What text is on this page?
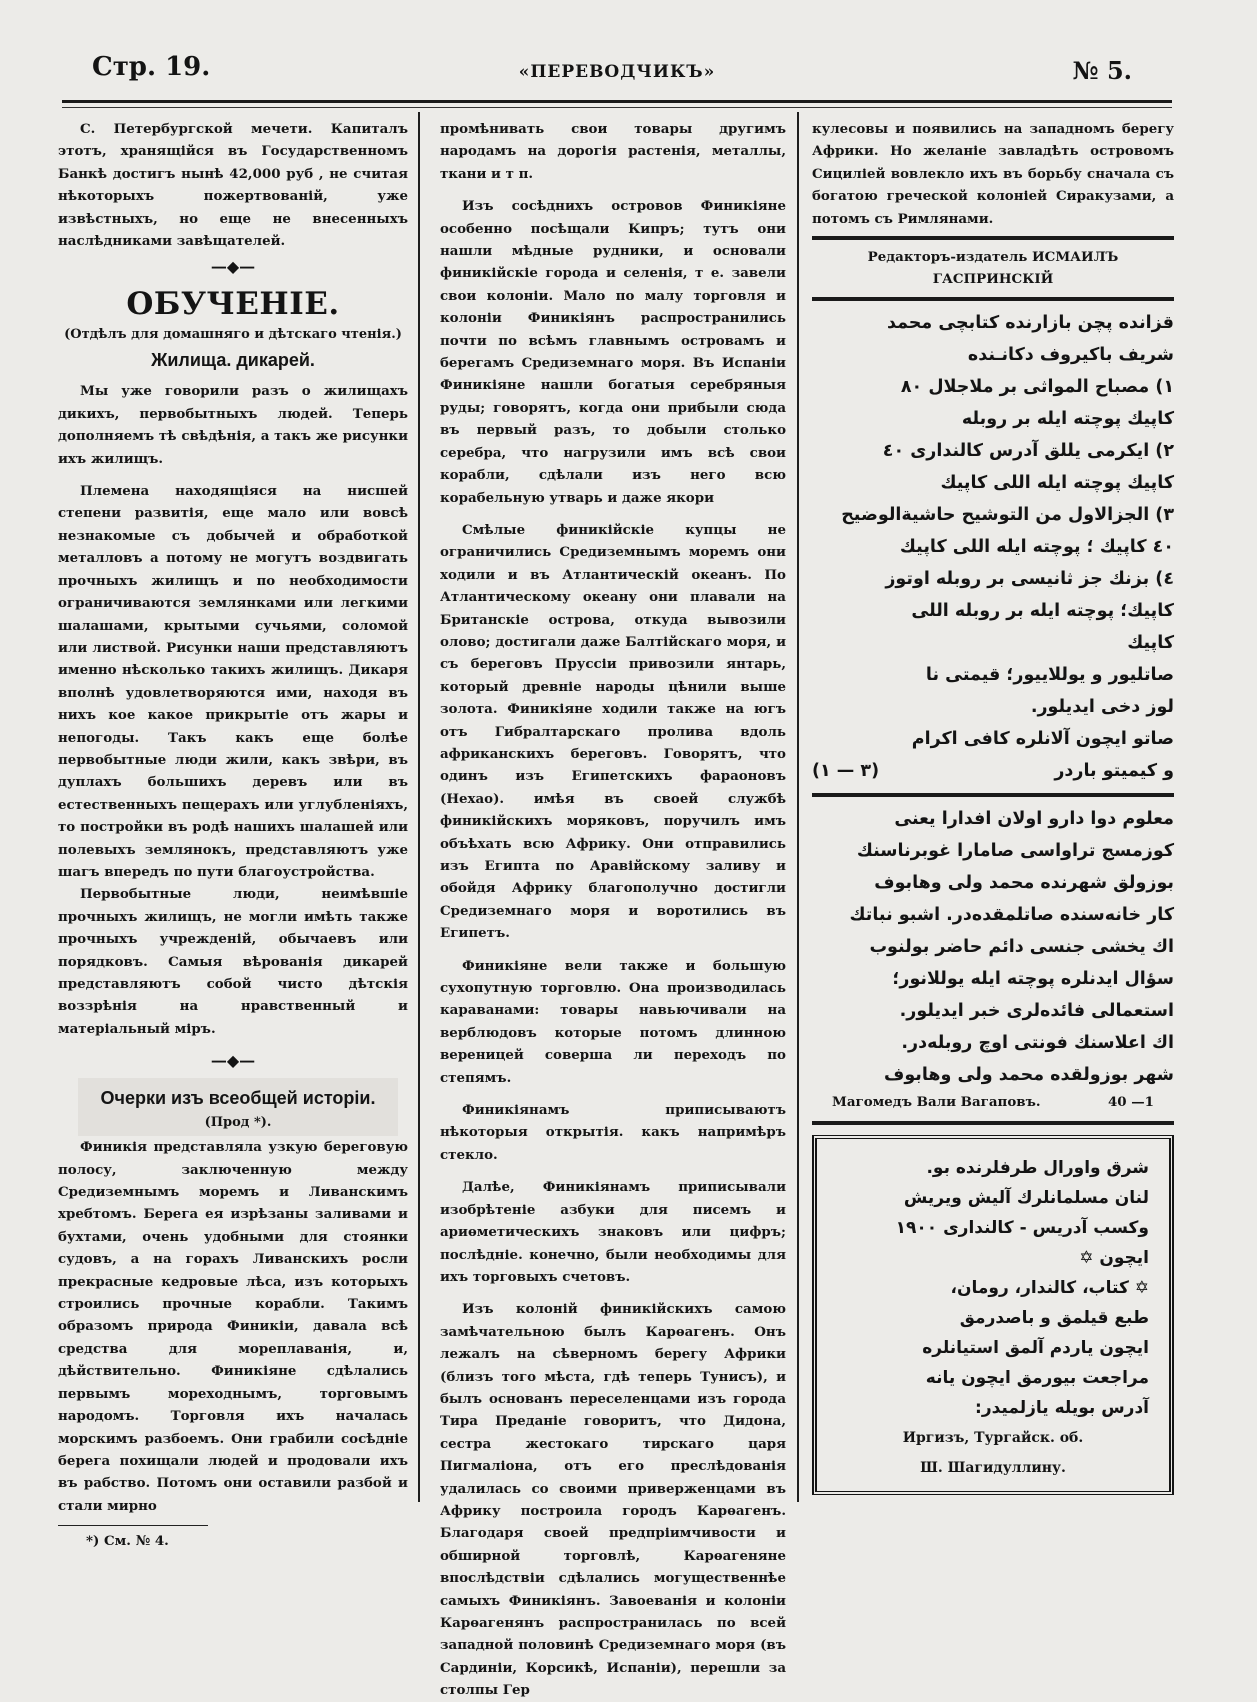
Стр. 19.	«ПЕРЕВОДЧИКЪ»	№ 5.

С. Петербургской мечети. Капиталъ этотъ, хранящійся въ Государственномъ Банкѣ достигъ нынѣ 42,000 руб , не считая нѣкоторыхъ пожертвованій, уже извѣстныхъ, но еще не внесенныхъ наслѣдниками завѣщателей.

—◆—
ОБУЧЕНІЕ.
(Отдѣлъ для домашняго и дѣтскаго чтенія.)
Жилища. дикарей.

Мы уже говорили разъ о жилищахъ дикихъ, первобытныхъ людей. Теперь дополняемъ тѣ свѣдѣнія, а такъ же рисунки ихъ жилищъ.

Племена находящіяся на нисшей степени развитія, еще мало или вовсѣ незнакомые съ добычей и обработкой металловъ а потому не могутъ воздвигать прочныхъ жилищъ и по необходимости ограничиваются землянками или легкими шалашами, крытыми сучьями, соломой или листвой. Рисунки наши представляютъ именно нѣсколько такихъ жилищъ. Дикаря вполнѣ удовлетворяются ими, находя въ нихъ кое какое прикрытіе отъ жары и непогоды. Такъ какъ еще болѣе первобытные люди жили, какъ звѣри, въ дуплахъ большихъ деревъ или въ естественныхъ пещерахъ или углубленіяхъ, то постройки въ родѣ нашихъ шалашей или полевыхъ землянокъ, представляютъ уже шагъ впередъ по пути благоустройства.

Первобытные люди, неимѣвшіе прочныхъ жилищъ, не могли имѣть также прочныхъ учрежденій, обычаевъ или порядковъ. Самыя вѣрованія дикарей представляютъ собой чисто дѣтскія воззрѣнія на нравственный и матеріальный міръ.

—◆—
Очерки изъ всеобщей исторіи.
(Прод *).

Финикія представляла узкую береговую полосу, заключенную между Средиземнымъ моремъ и Ливанскимъ хребтомъ. Берега ея изрѣзаны заливами и бухтами, очень удобными для стоянки судовъ, а на горахъ Ливанскихъ росли прекрасные кедровые лѣса, изъ которыхъ строились прочные корабли. Такимъ образомъ природа Финикіи, давала всѣ средства для мореплаванія, и, дѣйствительно. Финикіяне сдѣлались первымъ мореходнымъ, торговымъ народомъ. Торговля ихъ началась морскимъ разбоемъ. Они грабили сосѣдніе берега похищали людей и продовали ихъ въ рабство. Потомъ они оставили разбой и стали мирно

*) См. № 4.

промѣнивать свои товары другимъ народамъ на дорогія растенія, металлы, ткани и т п.

Изъ сосѣднихъ островов Финикіяне особенно посѣщали Кипръ; тутъ они нашли мѣдные рудники, и основали финикійскіе города и селенія, т е. завели свои колоніи. Мало по малу торговля и колоніи Финикіянъ распространились почти по всѣмъ главнымъ островамъ и берегамъ Средиземнаго моря. Въ Испаніи Финикіяне нашли богатыя серебряныя руды; говорятъ, когда они прибыли сюда въ первый разъ, то добыли столько серебра, что нагрузили имъ всѣ свои корабли, сдѣлали изъ него всю корабельную утварь и даже якори

Смѣлые финикійскіе купцы не ограничились Средиземнымъ моремъ они ходили и въ Атлантическій океанъ. По Атлантическому океану они плавали на Британскіе острова, откуда вывозили олово; достигали даже Балтійскаго моря, и съ береговъ Пруссіи привозили янтарь, который древніе народы цѣнили выше золота. Финикіяне ходили также на югъ отъ Гибралтарскаго пролива вдоль африканскихъ береговъ. Говорятъ, что одинъ изъ Египетскихъ фараоновъ (Нехао). имѣя въ своей службѣ финикійскихъ моряковъ, поручилъ имъ объѣхать всю Африку. Они отправились изъ Египта по Аравійскому заливу и обойдя Африку благополучно достигли Средиземнаго моря и воротились въ Египетъ.

Финикіяне вели также и большую сухопутную торговлю. Она производилась караванами: товары навьючивали на верблюдовъ которые потомъ длинною вереницей соверша ли переходъ по степямъ.

Финикіянамъ приписываютъ нѣкоторыя открытія. какъ напримѣръ стекло.

Далѣе, Финикіянамъ приписывали изобрѣтеніе азбуки для писемъ и ариѳметическихъ знаковъ или цифръ; послѣдніе. конечно, были необходимы для ихъ торговыхъ счетовъ.

Изъ колоній финикійскихъ самою замѣчательною былъ Карѳагенъ. Онъ лежалъ на сѣверномъ берегу Африки (близъ того мѣста, гдѣ теперь Тунисъ), и былъ основанъ переселенцами изъ города Тира Преданіе говоритъ, что Дидона, сестра жестокаго тирскаго царя Пигмаліона, отъ его преслѣдованія удалилась со своими приверженцами въ Африку построила городъ Карѳагенъ. Благодаря своей предпріимчивости и обширной торговлѣ, Карѳагеняне впослѣдствіи сдѣлались могущественнѣе самыхъ Финикіянъ. Завоеванія и колоніи Карѳагенянъ распространилась по всей западной половинѣ Средиземнаго моря (въ Сардиніи, Корсикѣ, Испаніи), перешли за столпы Гер

кулесовы и появились на западномъ берегу Африки. Но желаніе завладѣть островомъ Сициліей вовлекло ихъ въ борьбу сначала съ богатою греческой колоніей Сиракузами, а потомъ съ Римлянами.

Редакторъ-издатель ИСМАИЛЪ ГАСПРИНСКІЙ
قزانده پچن بازارنده کتابچی محمد
شريف باکيروف دکانـنده
١) مصباح المواثى بر ملاجلال ٨٠
کاپيك پوچته ايله بر روبله
٢) ايکرمى يللق آدرس کالنداری ٤٠
کاپيك پوچته ايله اللى کاپيك
٣) الجزالاول من التوشيح حاشيةالوضيح
٤٠ کاپيك ؛ پوچته ايله اللى کاپيك
٤) بزنك جز ثانيسى بر روبله اوتوز
کاپيك؛ پوچته ايله بر روبله اللى
کاپيك
صاتليور و يوللاييور؛ قيمتى نا
لوز دخى ايديلور.
صاتو ايچون آلانلره کافى اکرام
و کيميتو باردر
(٣ — ١)
معلوم دوا دارو اولان افدارا يعنى
کوزمسج تراواسى صامارا غوبرناسنك
بوزولق شهرنده محمد ولى وهابوف
کار خانه‌سنده صاتلمقده‌در. اشبو نباتك
اك يخشى جنسى دائم حاضر بولنوب
سؤال ايدنلره پوچته ايله يوللانور؛
استعمالى فائده‌لرى خبر ايديلور.
اك اعلاسنك فونتى اوچ روبله‌در.
شهر بوزولقده محمد ولى وهابوف
Магомедъ Вали Вагаповъ.	40 —1
شرق واورال طرفلرنده بو.
لنان مسلمانلرك آليش ويريش
وکسب آدريس - کالنداری ١٩٠٠
ايچون ✡
✡ کتاب، کالندار، رومان،
طبع قيلمق و باصدرمق
ايچون ياردم آلمق استيانلره
مراجعت بيورمق ايچون يانه
آدرس بويله يازلميدر:
Иргизъ, Тургайск. об.
Ш. Шагидуллину.
